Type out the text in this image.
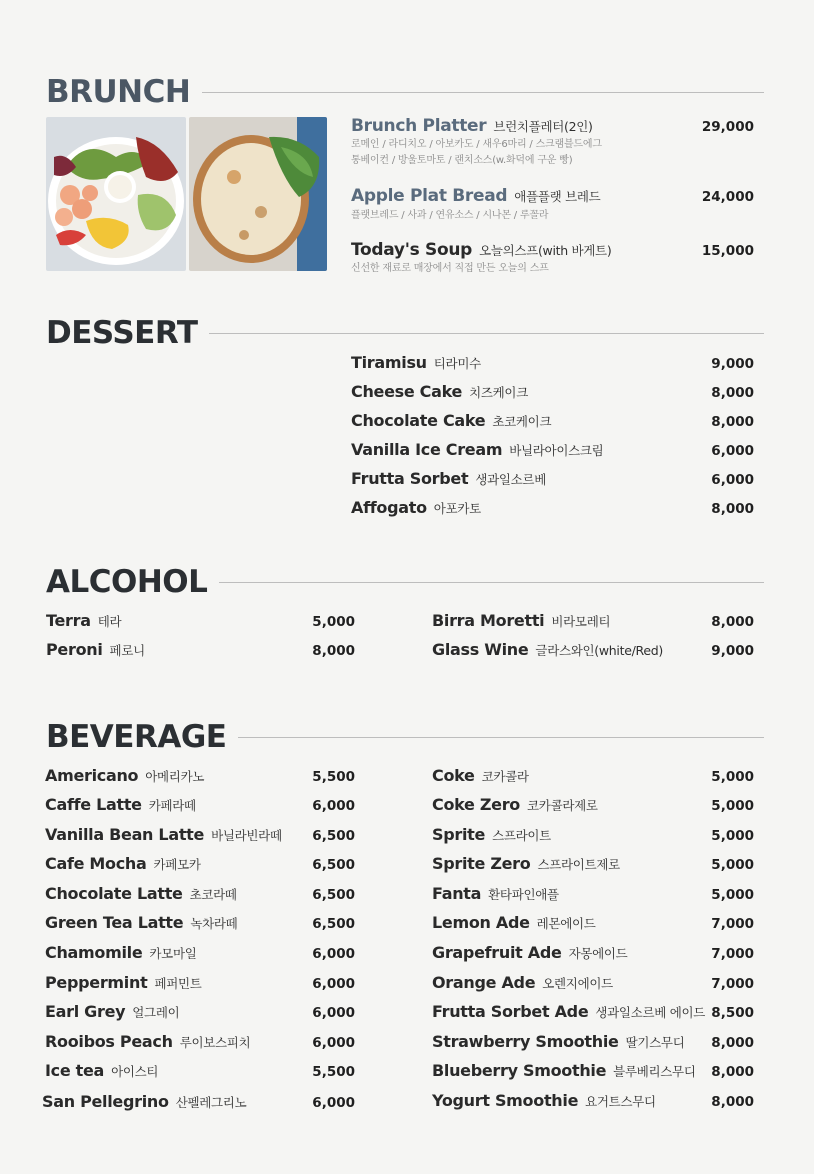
BRUNCH
Brunch Platter 브런치플레터(2인)	29,000
로메인 / 라디치오 / 아보카도 / 새우6마리 / 스크램블드에그
통베이컨 / 방울토마토 / 랜치소스(w.화덕에 구운 빵)
Apple Plat Bread 애플플랫 브레드	24,000
플랫브레드 / 사과 / 연유소스 / 시나몬 / 루꼴라
Today's Soup 오늘의스프(with 바게트)	15,000
신선한 재료로 매장에서 직접 만든 오늘의 스프
DESSERT
Tiramisu 티라미수	9,000
Cheese Cake 치즈케이크	8,000
Chocolate Cake 초코케이크	8,000
Vanilla Ice Cream 바닐라아이스크림	6,000
Frutta Sorbet 생과일소르베	6,000
Affogato 아포카토	8,000
ALCOHOL
Terra 테라	5,000
Peroni 페로니	8,000
Birra Moretti 비라모레티	8,000
Glass Wine 글라스와인(white/Red)	9,000
BEVERAGE
Americano 아메리카노	5,500
Caffe Latte 카페라떼	6,000
Vanilla Bean Latte 바닐라빈라떼	6,500
Cafe Mocha 카페모카	6,500
Chocolate Latte 초코라떼	6,500
Green Tea Latte 녹차라떼	6,500
Chamomile 카모마일	6,000
Peppermint 페퍼민트	6,000
Earl Grey 얼그레이	6,000
Rooibos Peach 루이보스피치	6,000
Ice tea 아이스티	5,500
San Pellegrino 산펠레그리노	6,000
Coke 코카콜라	5,000
Coke Zero 코카콜라제로	5,000
Sprite 스프라이트	5,000
Sprite Zero 스프라이트제로	5,000
Fanta 환타파인애플	5,000
Lemon Ade 레몬에이드	7,000
Grapefruit Ade 자몽에이드	7,000
Orange Ade 오렌지에이드	7,000
Frutta Sorbet Ade 생과일소르베 에이드 8,500
Strawberry Smoothie 딸기스무디	8,000
Blueberry Smoothie 블루베리스무디	8,000
Yogurt Smoothie 요거트스무디	8,000
